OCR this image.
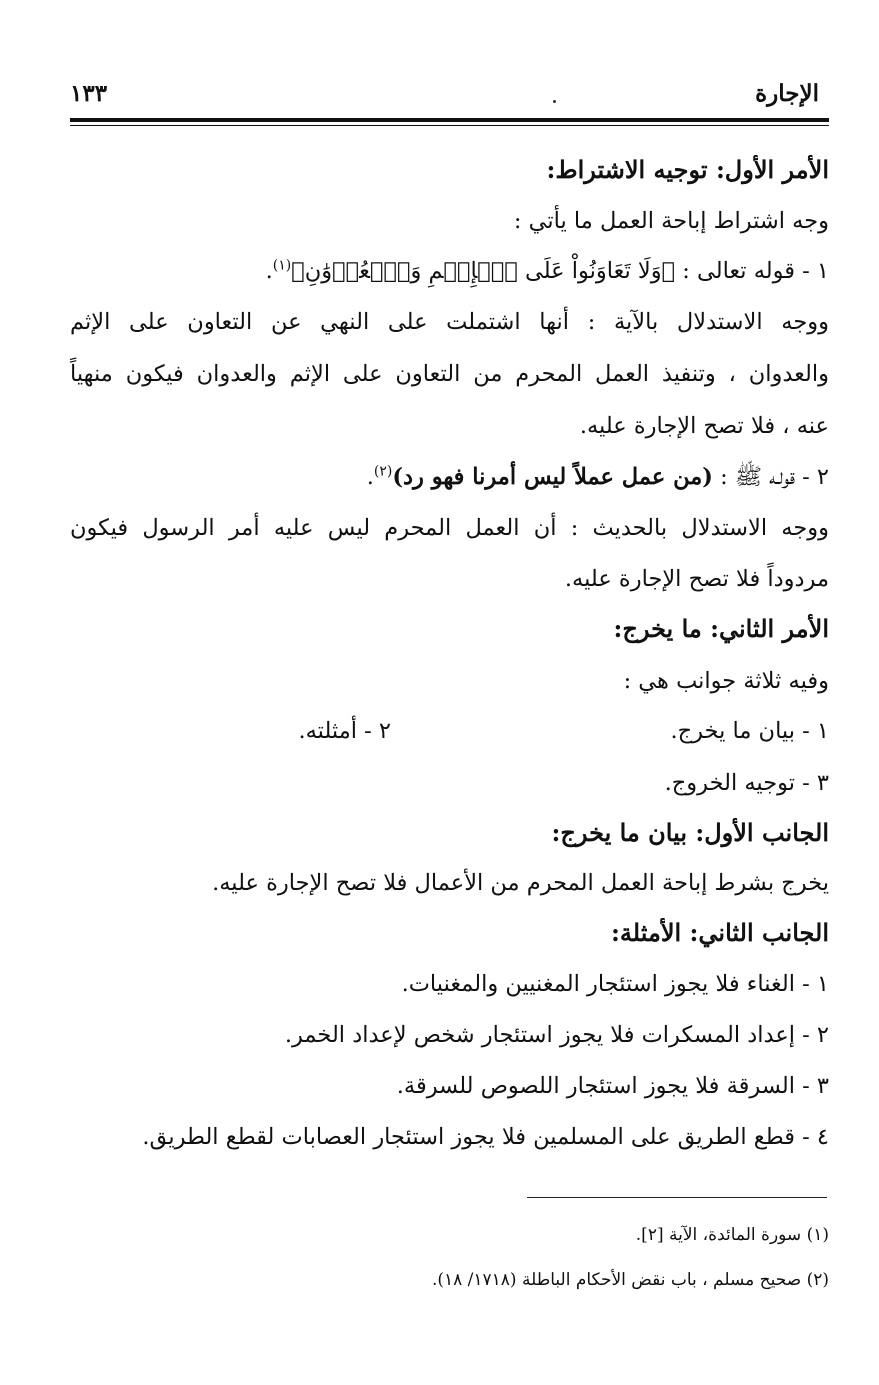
الإجارة
١٣٣
الأمر الأول: توجيه الاشتراط:
وجه اشتراط إباحة العمل ما يأتي :
١ - قوله تعالى : ﴿وَلَا تَعَاوَنُواْ عَلَى ٱلۡإِثۡمِ وَٱلۡعُدۡوَٰنِ﴾$^{(١)}$.
ووجه الاستدلال بالآية : أنها اشتملت على النهي عن التعاون على الإثم
والعدوان ، وتنفيذ العمل المحرم من التعاون على الإثم والعدوان فيكون منهياً
عنه ، فلا تصح الإجارة عليه.
٢ - قولـه ﷺ : (من عمل عملاً ليس أمرنا فهو رد)$^{(٢)}$.
ووجه الاستدلال بالحديث : أن العمل المحرم ليس عليه أمر الرسول فيكون
مردوداً فلا تصح الإجارة عليه.
الأمر الثاني: ما يخرج:
وفيه ثلاثة جوانب هي :
١ - بيان ما يخرج.
٢ - أمثلته.
٣ - توجيه الخروج.
الجانب الأول: بيان ما يخرج:
يخرج بشرط إباحة العمل المحرم من الأعمال فلا تصح الإجارة عليه.
الجانب الثاني: الأمثلة:
١ - الغناء فلا يجوز استئجار المغنيين والمغنيات.
٢ - إعداد المسكرات فلا يجوز استئجار شخص لإعداد الخمر.
٣ - السرقة فلا يجوز استئجار اللصوص للسرقة.
٤ - قطع الطريق على المسلمين فلا يجوز استئجار العصابات لقطع الطريق.
(١) سورة المائدة، الآية [٢].
(٢) صحيح مسلم ، باب نقض الأحكام الباطلة (١٧١٨/ ١٨).
